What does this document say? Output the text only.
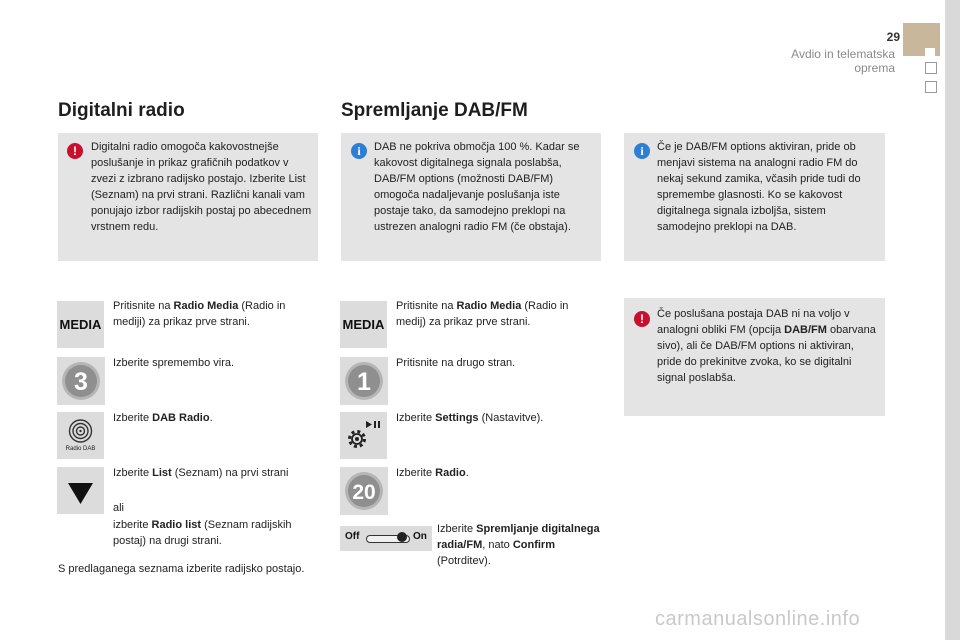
29
Avdio in telematska oprema
Digitalni radio
!	Digitalni radio omogoča kakovostnejše poslušanje in prikaz grafičnih podatkov v zvezi z izbrano radijsko postajo. Izberite List (Seznam) na prvi strani. Različni kanali vam ponujajo izbor radijskih postaj po abecednem vrstnem redu.
MEDIA
Pritisnite na Radio Media (Radio in mediji) za prikaz prve strani.
3
Izberite spremembo vira.
Radio DAB
Izberite DAB Radio.
Izberite List (Seznam) na prvi strani
ali
izberite Radio list (Seznam radijskih postaj) na drugi strani.
S predlaganega seznama izberite radijsko postajo.
Spremljanje DAB/FM
i	DAB ne pokriva območja 100 %. Kadar se kakovost digitalnega signala poslabša, DAB/FM options (možnosti DAB/FM) omogoča nadaljevanje poslušanja iste postaje tako, da samodejno preklopi na ustrezen analogni radio FM (če obstaja).
MEDIA
Pritisnite na Radio Media (Radio in medij) za prikaz prve strani.
1
Pritisnite na drugo stran.
Izberite Settings (Nastavitve).
20
Izberite Radio.
Off	On
Izberite Spremljanje digitalnega radia/FM, nato Confirm (Potrditev).
i	Če je DAB/FM options aktiviran, pride ob menjavi sistema na analogni radio FM do nekaj sekund zamika, včasih pride tudi do spremembe glasnosti. Ko se kakovost digitalnega signala izboljša, sistem samodejno preklopi na DAB.
!	Če poslušana postaja DAB ni na voljo v analogni obliki FM (opcija DAB/FM obarvana sivo), ali če DAB/FM options ni aktiviran, pride do prekinitve zvoka, ko se digitalni signal poslabša.
carmanualsonline.info
